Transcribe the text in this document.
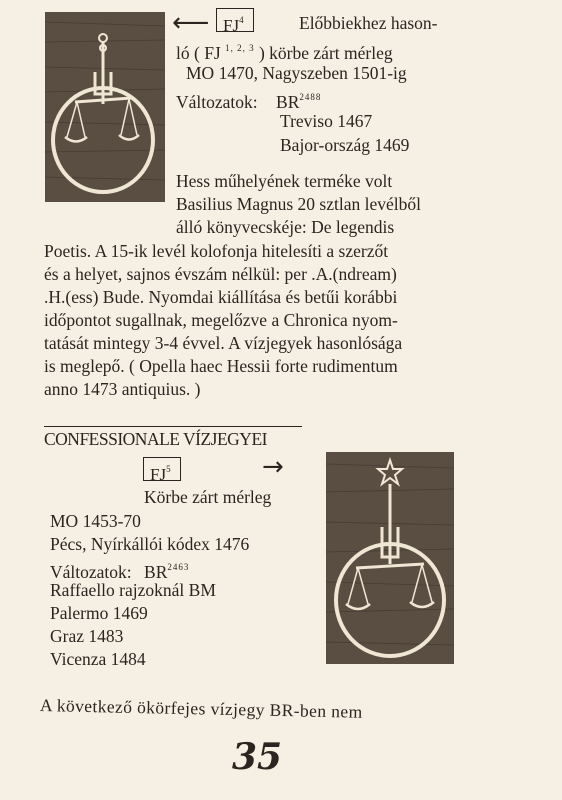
⟵ $FJ^4$	Előbbiekhez hason-
ló ( FJ $^{1, 2, 3}$ ) körbe zárt mérleg
MO 1470, Nagyszeben 1501-ig
Változatok: $BR^{2488}$
Treviso 1467
Bajor-ország 1469
Hess műhelyének terméke volt
Basilius Magnus 20 sztlan levélből
álló könyvecskéje: De legendis
Poetis. A 15-ik levél kolofonja hitelesíti a szerzőt
és a helyet, sajnos évszám nélkül: per .A.(ndream)
.H.(ess) Bude. Nyomdai kiállítása és betűi korábbi
időpontot sugallnak, megelőzve a Chronica nyom-
tatását mintegy 3-4 évvel. A vízjegyek hasonlósága
is meglepő. ( Opella haec Hessii forte rudimentum
anno 1473 antiquius. )
CONFESSIONALE VÍZJEGYEI
$FJ^5$	→
Körbe zárt mérleg
MO 1453-70
Pécs, Nyírkállói kódex 1476
Változatok: $BR^{2463}$
Raffaello rajzoknál BM
Palermo 1469
Graz 1483
Vicenza 1484
A következő ökörfejes vízjegy BR-ben nem
35
